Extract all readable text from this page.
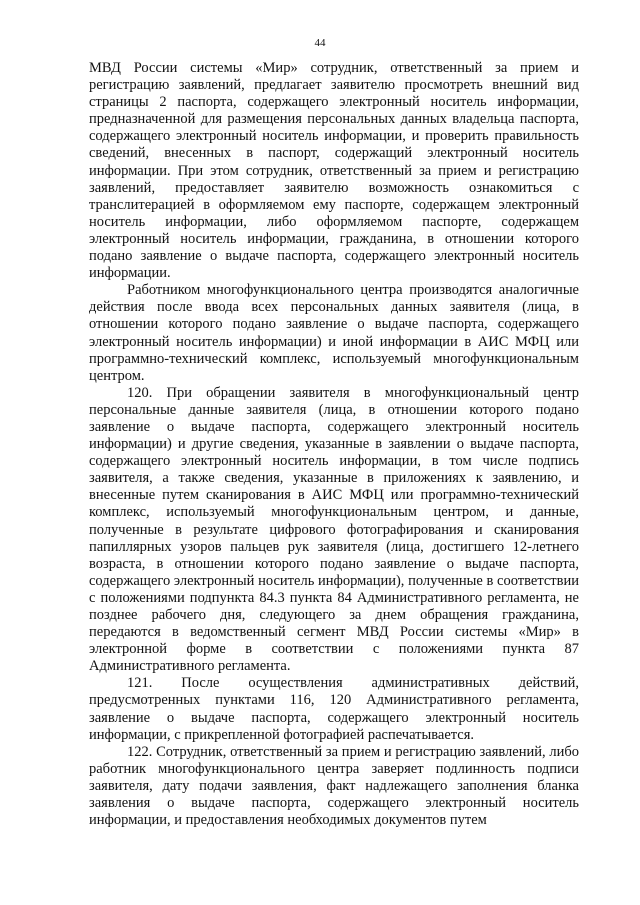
44

МВД России системы «Мир» сотрудник, ответственный за прием и регистрацию заявлений, предлагает заявителю просмотреть внешний вид страницы 2 паспорта, содержащего электронный носитель информации, предназначенной для размещения персональных данных владельца паспорта, содержащего электронный носитель информации, и проверить правильность сведений, внесенных в паспорт, содержащий электронный носитель информации. При этом сотрудник, ответственный за прием и регистрацию заявлений, предоставляет заявителю возможность ознакомиться с транслитерацией в оформляемом ему паспорте, содержащем электронный носитель информации, либо оформляемом паспорте, содержащем электронный носитель информации, гражданина, в отношении которого подано заявление о выдаче паспорта, содержащего электронный носитель информации.

Работником многофункционального центра производятся аналогичные действия после ввода всех персональных данных заявителя (лица, в отношении которого подано заявление о выдаче паспорта, содержащего электронный носитель информации) и иной информации в АИС МФЦ или программно-технический комплекс, используемый многофункциональным центром.

120. При обращении заявителя в многофункциональный центр персональные данные заявителя (лица, в отношении которого подано заявление о выдаче паспорта, содержащего электронный носитель информации) и другие сведения, указанные в заявлении о выдаче паспорта, содержащего электронный носитель информации, в том числе подпись заявителя, а также сведения, указанные в приложениях к заявлению, и внесенные путем сканирования в АИС МФЦ или программно-технический комплекс, используемый многофункциональным центром, и данные, полученные в результате цифрового фотографирования и сканирования папиллярных узоров пальцев рук заявителя (лица, достигшего 12-летнего возраста, в отношении которого подано заявление о выдаче паспорта, содержащего электронный носитель информации), полученные в соответствии с положениями подпункта 84.3 пункта 84 Административного регламента, не позднее рабочего дня, следующего за днем обращения гражданина, передаются в ведомственный сегмент МВД России системы «Мир» в электронной форме в соответствии с положениями пункта 87 Административного регламента.

121. После осуществления административных действий, предусмотренных пунктами 116, 120 Административного регламента, заявление о выдаче паспорта, содержащего электронный носитель информации, с прикрепленной фотографией распечатывается.

122. Сотрудник, ответственный за прием и регистрацию заявлений, либо работник многофункционального центра заверяет подлинность подписи заявителя, дату подачи заявления, факт надлежащего заполнения бланка заявления о выдаче паспорта, содержащего электронный носитель информации, и предоставления необходимых документов путем
